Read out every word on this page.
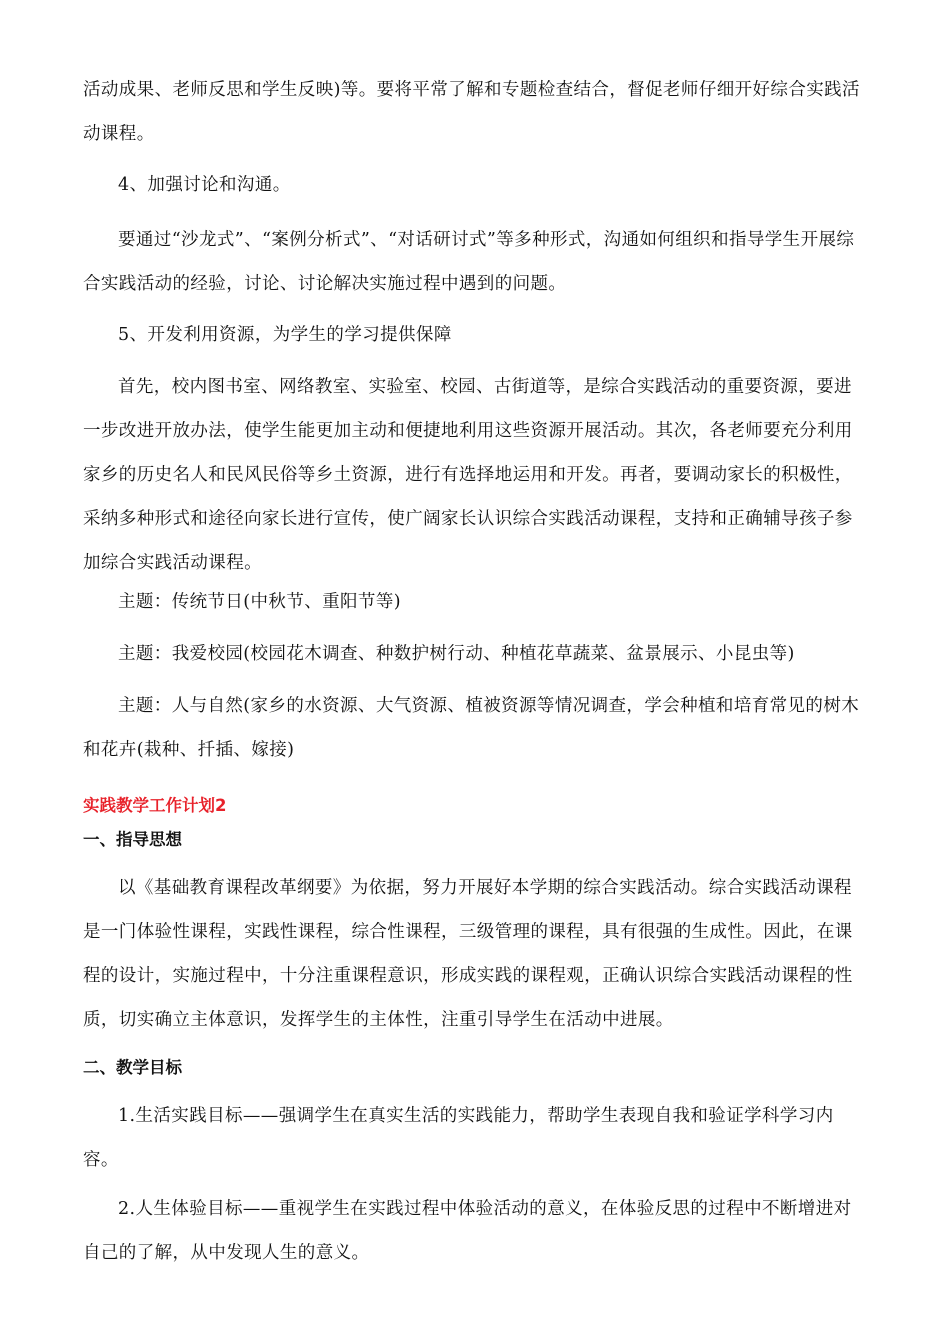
活动成果、老师反思和学生反映)等。要将平常了解和专题检查结合，督促老师仔细开好综合实践活动课程。

4、加强讨论和沟通。

要通过“沙龙式”、“案例分析式”、“对话研讨式”等多种形式，沟通如何组织和指导学生开展综合实践活动的经验，讨论、讨论解决实施过程中遇到的问题。

5、开发利用资源，为学生的学习提供保障

首先，校内图书室、网络教室、实验室、校园、古街道等，是综合实践活动的重要资源，要进一步改进开放办法，使学生能更加主动和便捷地利用这些资源开展活动。其次，各老师要充分利用家乡的历史名人和民风民俗等乡土资源，进行有选择地运用和开发。再者，要调动家长的积极性，采纳多种形式和途径向家长进行宣传，使广阔家长认识综合实践活动课程，支持和正确辅导孩子参加综合实践活动课程。

主题：传统节日(中秋节、重阳节等)

主题：我爱校园(校园花木调查、种数护树行动、种植花草蔬菜、盆景展示、小昆虫等)

主题：人与自然(家乡的水资源、大气资源、植被资源等情况调查，学会种植和培育常见的树木和花卉(栽种、扦插、嫁接)

实践教学工作计划2
一、指导思想

以《基础教育课程改革纲要》为依据，努力开展好本学期的综合实践活动。综合实践活动课程是一门体验性课程，实践性课程，综合性课程，三级管理的课程，具有很强的生成性。因此，在课程的设计，实施过程中，十分注重课程意识，形成实践的课程观，正确认识综合实践活动课程的性质，切实确立主体意识，发挥学生的主体性，注重引导学生在活动中进展。

二、教学目标

1.生活实践目标——强调学生在真实生活的实践能力，帮助学生表现自我和验证学科学习内容。

2.人生体验目标——重视学生在实践过程中体验活动的意义，在体验反思的过程中不断增进对自己的了解，从中发现人生的意义。
